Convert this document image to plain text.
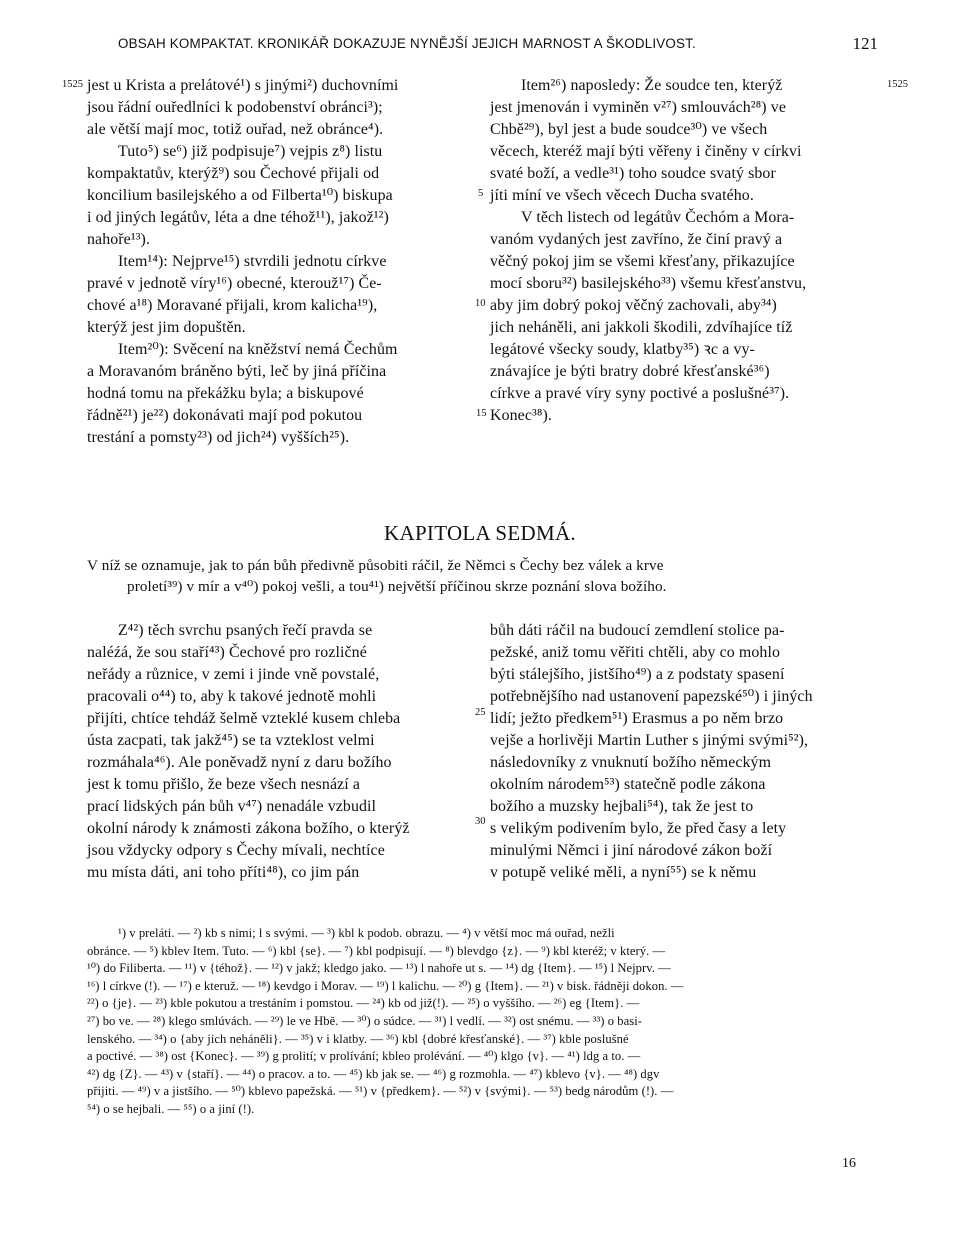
OBSAH KOMPAKTAT. KRONIKÁŘ DOKAZUJE NYNĚJŠÍ JEJICH MARNOST A ŠKODLIVOST.	121
1525	1525
5
10
15
25
30
jest u Krista a prelátové¹) s jinými²) duchovními
jsou řádní ouředlníci k podobenství obránci³);
ale větší mají moc, totiž ouřad, než obránce⁴).
Tuto⁵) se⁶) již podpisuje⁷) vejpis z⁸) listu
kompaktatův, kterýž⁹) sou Čechové přijali od
koncilium basilejského a od Filberta¹⁰) biskupa
i od jiných legátův, léta a dne téhož¹¹), jakož¹²)
nahoře¹³).
Item¹⁴): Nejprve¹⁵) stvrdili jednotu církve
pravé v jednotě víry¹⁶) obecné, kterouž¹⁷) Če-
chové a¹⁸) Moravané přijali, krom kalicha¹⁹),
kterýž jest jim dopuštěn.
Item²⁰): Svěcení na kněžství nemá Čechům
a Moravanóm bráněno býti, leč by jiná příčina
hodná tomu na překážku byla; a biskupové
řádně²¹) je²²) dokonávati mají pod pokutou
trestání a pomsty²³) od jich²⁴) vyšších²⁵).
Item²⁶) naposledy: Že soudce ten, kterýž
jest jmenován i vyminěn v²⁷) smlouvách²⁸) ve
Chbě²⁹), byl jest a bude soudce³⁰) ve všech
věcech, kteréž mají býti věřeny i činěny v církvi
svaté boží, a vedle³¹) toho soudce svatý sbor
jíti míní ve všech věcech Ducha svatého.
V těch listech od legátův Čechóm a Mora-
vanóm vydaných jest zavříno, že činí pravý a
věčný pokoj jim se všemi křesťany, přikazujíce
mocí sboru³²) basilejského³³) všemu křesťanstvu,
aby jim dobrý pokoj věčný zachovali, aby³⁴)
jich neháněli, ani jakkoli škodili, zdvíhajíce tíž
legátové všecky soudy, klatby³⁵) ꝛc a vy-
znávajíce je býti bratry dobré křesťanské³⁶)
církve a pravé víry syny poctivé a poslušné³⁷).
Konec³⁸).
KAPITOLA SEDMÁ.
V níž se oznamuje, jak to pán bůh předivně působiti ráčil, že Němci s Čechy bez válek a krve
proletí³⁹) v mír a v⁴⁰) pokoj vešli, a tou⁴¹) největší příčinou skrze poznání slova božího.
Z⁴²) těch svrchu psaných řečí pravda se
naléźá, že sou staří⁴³) Čechové pro rozličné
neřády a různice, v zemi i jinde vně povstalé,
pracovali o⁴⁴) to, aby k takové jednotě mohli
přijíti, chtíce tehdáž šelmě vzteklé kusem chleba
ústa zacpati, tak jakž⁴⁵) se ta vzteklost velmi
rozmáhala⁴⁶). Ale poněvadž nyní z daru božího
jest k tomu přišlo, že beze všech nesnází a
prací lidských pán bůh v⁴⁷) nenadále vzbudil
okolní národy k známosti zákona božího, o kterýž
jsou vždycky odpory s Čechy mívali, nechtíce
mu místa dáti, ani toho příti⁴⁸), co jim pán
bůh dáti ráčil na budoucí zemdlení stolice pa-
pežské, aniž tomu věřiti chtěli, aby co mohlo
býti stálejšího, jistšího⁴⁹) a z podstaty spasení
potřebnějšího nad ustanovení papezské⁵⁰) i jiných
lidí; ježto předkem⁵¹) Erasmus a po něm brzo
vejše a horlivěji Martin Luther s jinými svými⁵²),
následovníky z vnuknutí božího německým
okolním národem⁵³) statečně podle zákona
božího a muzsky hejbali⁵⁴), tak že jest to
s velikým podivením bylo, že před časy a lety
minulými Němci i jiní národové zákon boží
v potupě veliké měli, a nyní⁵⁵) se k němu
¹) v preláti. — ²) kb s nimi; l s svými. — ³) kbl k podob. obrazu. — ⁴) v větší moc má ouřad, nežli
obránce. — ⁵) kblev Item. Tuto. — ⁶) kbl {se}. — ⁷) kbl podpisují. — ⁸) blevdgo {z}. — ⁹) kbl kteréž; v který. —
¹⁰) do Filiberta. — ¹¹) v {téhož}. — ¹²) v jakž; kledgo jako. — ¹³) l nahoře ut s. — ¹⁴) dg {Item}. — ¹⁵) l Nejprv. —
¹⁶) l církve (!). — ¹⁷) e kteruž. — ¹⁸) kevdgo i Morav. — ¹⁹) l kalichu. — ²⁰) g {Item}. — ²¹) v bisk. řádněji dokon. —
²²) o {je}. — ²³) kble pokutou a trestáním i pomstou. — ²⁴) kb od již(!). — ²⁵) o vyššího. — ²⁶) eg {Item}. —
²⁷) bo ve. — ²⁸) klego smlúvách. — ²⁹) le ve Hbě. — ³⁰) o súdce. — ³¹) l vedlí. — ³²) ost snému. — ³³) o basi-
lenského. — ³⁴) o {aby jich neháněli}. — ³⁵) v i klatby. — ³⁶) kbl {dobré křesťanské}. — ³⁷) kble poslušné
a poctivé. — ³⁸) ost {Konec}. — ³⁹) g prolití; v prolívání; kbleo prolévání. — ⁴⁰) klgo {v}. — ⁴¹) ldg a to. —
⁴²) dg {Z}. — ⁴³) v {staří}. — ⁴⁴) o pracov. a to. — ⁴⁵) kb jak se. — ⁴⁶) g rozmohla. — ⁴⁷) kblevo {v}. — ⁴⁸) dgv
přijiti. — ⁴⁹) v a jistšího. — ⁵⁰) kblevo papežská. — ⁵¹) v {předkem}. — ⁵²) v {svými}. — ⁵³) bedg národům (!). —
⁵⁴) o se hejbali. — ⁵⁵) o a jiní (!).
16
